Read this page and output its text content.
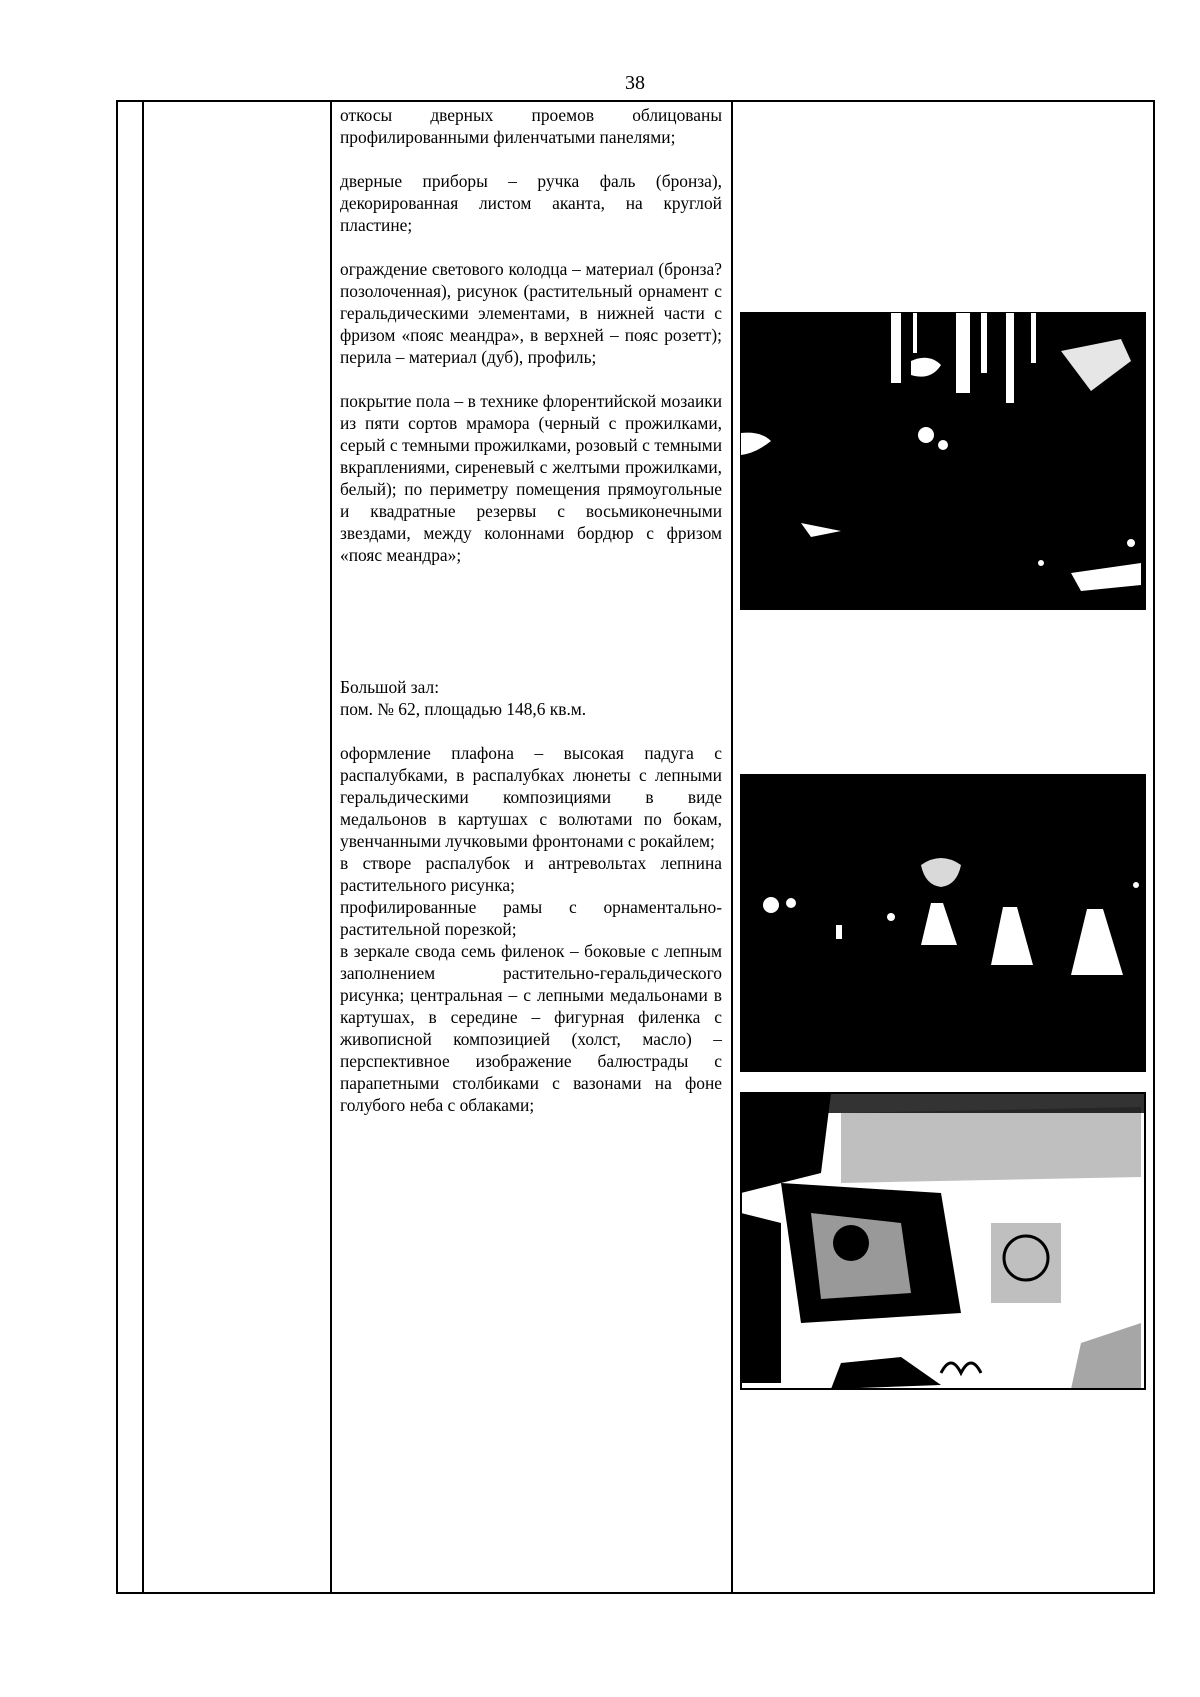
38

откосы дверных проемов облицованы профилированными филенчатыми панелями;

дверные приборы – ручка фаль (бронза), декорированная листом аканта, на круглой пластине;

ограждение светового колодца – материал (бронза? позолоченная), рисунок (растительный орнамент с геральдическими элементами, в нижней части с фризом «пояс меандра», в верхней – пояс розетт); перила – материал (дуб), профиль;

покрытие пола – в технике флорентийской мозаики из пяти сортов мрамора (черный с прожилками, серый с темными прожилками, розовый с темными вкраплениями, сиреневый с желтыми прожилками, белый); по периметру помещения прямоугольные и квадратные резервы с восьмиконечными звездами, между колоннами бордюр с фризом «пояс меандра»;

Большой зал:

пом. № 62, площадью 148,6 кв.м.

оформление плафона – высокая падуга с распалубками, в распалубках люнеты с лепными геральдическими композициями в виде медальонов в картушах с волютами по бокам, увенчанными лучковыми фронтонами с рокайлем;

в створе распалубок и антревольтах лепнина растительного рисунка;

профилированные рамы с орнаментально-растительной порезкой;

в зеркале свода семь филенок – боковые с лепным заполнением растительно-геральдического рисунка; центральная – с лепными медальонами в картушах, в середине – фигурная филенка с живописной композицией (холст, масло) – перспективное изображение балюстрады с парапетными столбиками с вазонами на фоне голубого неба с облаками;
